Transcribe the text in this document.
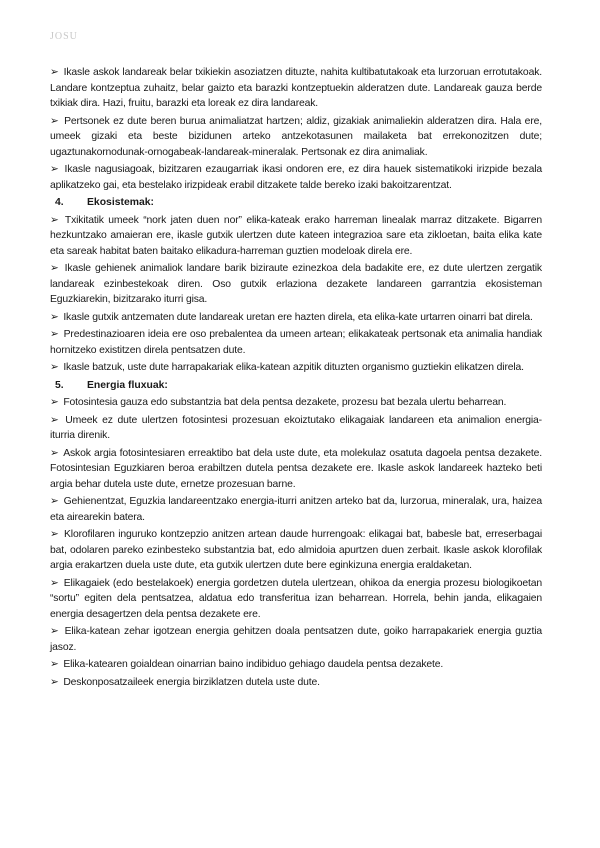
JOSU

➢ Ikasle askok landareak belar txikiekin asoziatzen dituzte, nahita kultibatutakoak eta lurzoruan errotutakoak. Landare kontzeptua zuhaitz, belar gaizto eta barazki kontzeptuekin alderatzen dute. Landareak gauza berde txikiak dira. Hazi, fruitu, barazki eta loreak ez dira landareak.

➢ Pertsonek ez dute beren burua animaliatzat hartzen; aldiz, gizakiak animaliekin alderatzen dira. Hala ere, umeek gizaki eta beste bizidunen arteko antzekotasunen mailaketa bat errekonozitzen dute; ugaztunakornodunak-ornogabeak-landareak-mineralak. Pertsonak ez dira animaliak.

➢ Ikasle nagusiagoak, bizitzaren ezaugarriak ikasi ondoren ere, ez dira hauek sistematikoki irizpide bezala aplikatzeko gai, eta bestelako irizpideak erabil ditzakete talde bereko izaki bakoitzarentzat.

4. Ekosistemak:

➢ Txikitatik umeek “nork jaten duen nor” elika-kateak erako harreman linealak marraz ditzakete. Bigarren hezkuntzako amaieran ere, ikasle gutxik ulertzen dute kateen integrazioa sare eta zikloetan, baita elika kate eta sareak habitat baten baitako elikadura-harreman guztien modeloak direla ere.

➢ Ikasle gehienek animaliok landare barik biziraute ezinezkoa dela badakite ere, ez dute ulertzen zergatik landareak ezinbestekoak diren. Oso gutxik erlaziona dezakete landareen garrantzia ekosisteman Eguzkiarekin, bizitzarako iturri gisa.

➢ Ikasle gutxik antzematen dute landareak uretan ere hazten direla, eta elika-kate urtarren oinarri bat direla.

➢ Predestinazioaren ideia ere oso prebalentea da umeen artean; elikakateak pertsonak eta animalia handiak hornitzeko existitzen direla pentsatzen dute.

➢ Ikasle batzuk, uste dute harrapakariak elika-katean azpitik dituzten organismo guztiekin elikatzen direla.

5. Energia fluxuak:

➢ Fotosintesia gauza edo substantzia bat dela pentsa dezakete, prozesu bat bezala ulertu beharrean.

➢ Umeek ez dute ulertzen fotosintesi prozesuan ekoiztutako elikagaiak landareen eta animalion energia-iturria direnik.

➢ Askok argia fotosintesiaren erreaktibo bat dela uste dute, eta molekulaz osatuta dagoela pentsa dezakete. Fotosintesian Eguzkiaren beroa erabiltzen dutela pentsa dezakete ere. Ikasle askok landareek hazteko beti argia behar dutela uste dute, ernetze prozesuan barne.

➢ Gehienentzat, Eguzkia landareentzako energia-iturri anitzen arteko bat da, lurzorua, mineralak, ura, haizea eta airearekin batera.

➢ Klorofilaren inguruko kontzepzio anitzen artean daude hurrengoak: elikagai bat, babesle bat, erreserbagai bat, odolaren pareko ezinbesteko substantzia bat, edo almidoia apurtzen duen zerbait. Ikasle askok klorofilak argia erakartzen duela uste dute, eta gutxik ulertzen dute bere eginkizuna energia eraldaketan.

➢ Elikagaiek (edo bestelakoek) energia gordetzen dutela ulertzean, ohikoa da energia prozesu biologikoetan “sortu” egiten dela pentsatzea, aldatua edo transferitua izan beharrean. Horrela, behin janda, elikagaien energia desagertzen dela pentsa dezakete ere.

➢ Elika-katean zehar igotzean energia gehitzen doala pentsatzen dute, goiko harrapakariek energia guztia jasoz.

➢ Elika-katearen goialdean oinarrian baino indibiduo gehiago daudela pentsa dezakete.

➢ Deskonposatzaileek energia birziklatzen dutela uste dute.
